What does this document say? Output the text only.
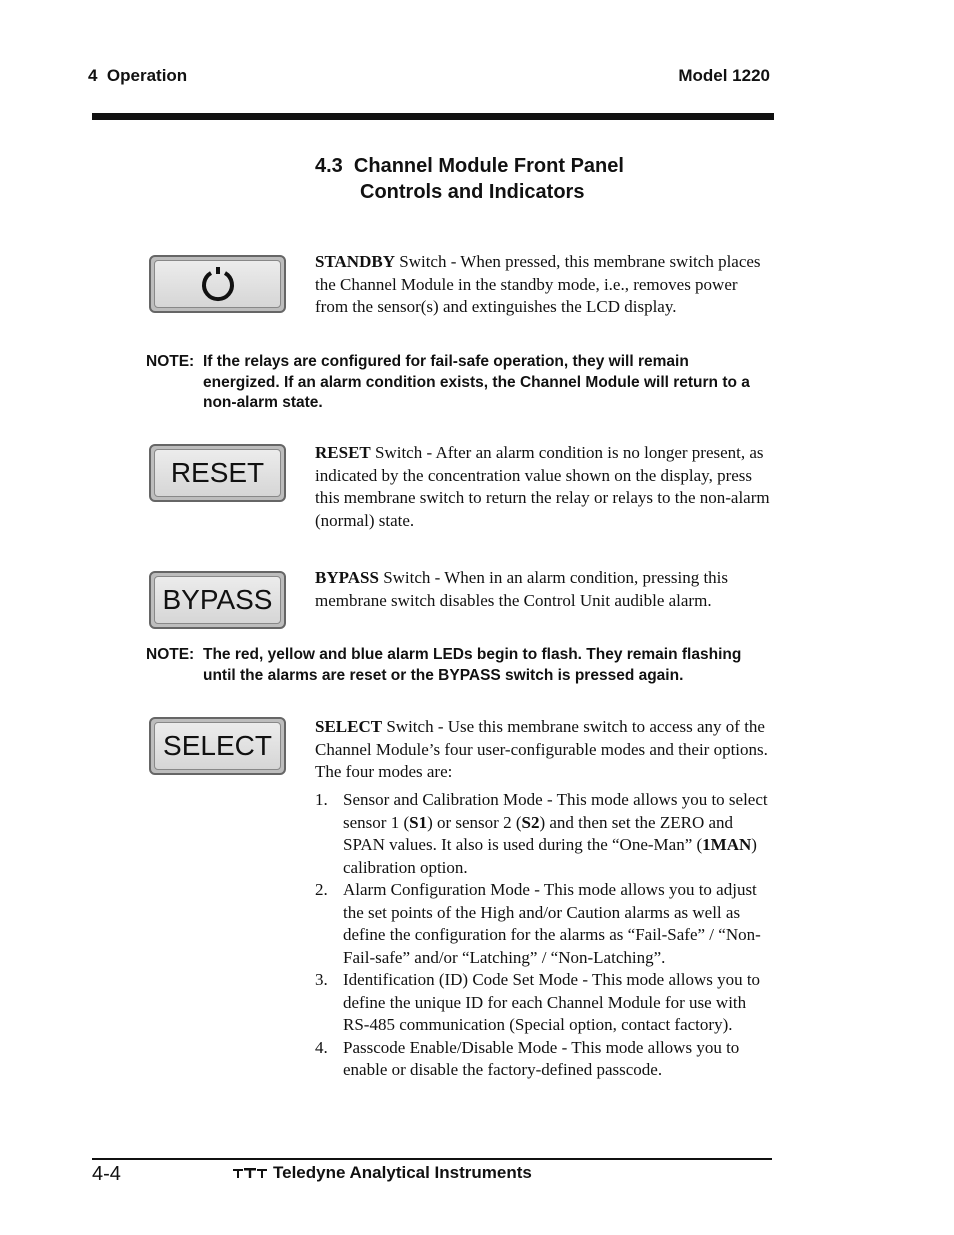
4  Operation	Model 1220
4.3  Channel Module Front Panel
Controls and Indicators
STANDBY Switch - When pressed, this membrane switch places the Channel Module in the standby mode, i.e., removes power from the sensor(s) and extinguishes the LCD display.
NOTE: If the relays are configured for fail-safe operation, they will remain energized. If an alarm condition exists, the Channel Module will return to a non-alarm state.
RESET
RESET Switch - After an alarm condition is no longer present, as indicated by the concentration value shown on the display, press this membrane switch to return the relay or relays to the non-alarm (normal) state.
BYPASS
BYPASS Switch - When in an alarm condition, pressing this membrane switch disables the Control Unit audible alarm.
NOTE: The red, yellow and blue alarm LEDs begin to flash. They remain flashing until the alarms are reset or the BYPASS switch is pressed again.
SELECT
SELECT Switch - Use this membrane switch to access any of the Channel Module’s four user-configurable modes and their options. The four modes are:

1. Sensor and Calibration Mode - This mode allows you to select sensor 1 (S1) or sensor 2 (S2) and then set the ZERO and SPAN values. It also is used during the “One-Man” (1MAN) calibration option.

2. Alarm Configuration Mode - This mode allows you to adjust the set points of the High and/or Caution alarms as well as define the configuration for the alarms as “Fail-Safe” / “Non-Fail-safe” and/or “Latching” / “Non-Latching”.

3. Identification (ID) Code Set Mode - This mode allows you to define the unique ID for each Channel Module for use with RS-485 communication (Special option, contact factory).

4. Passcode Enable/Disable Mode - This mode allows you to enable or disable the factory-defined passcode.

4-4	Teledyne Analytical Instruments
